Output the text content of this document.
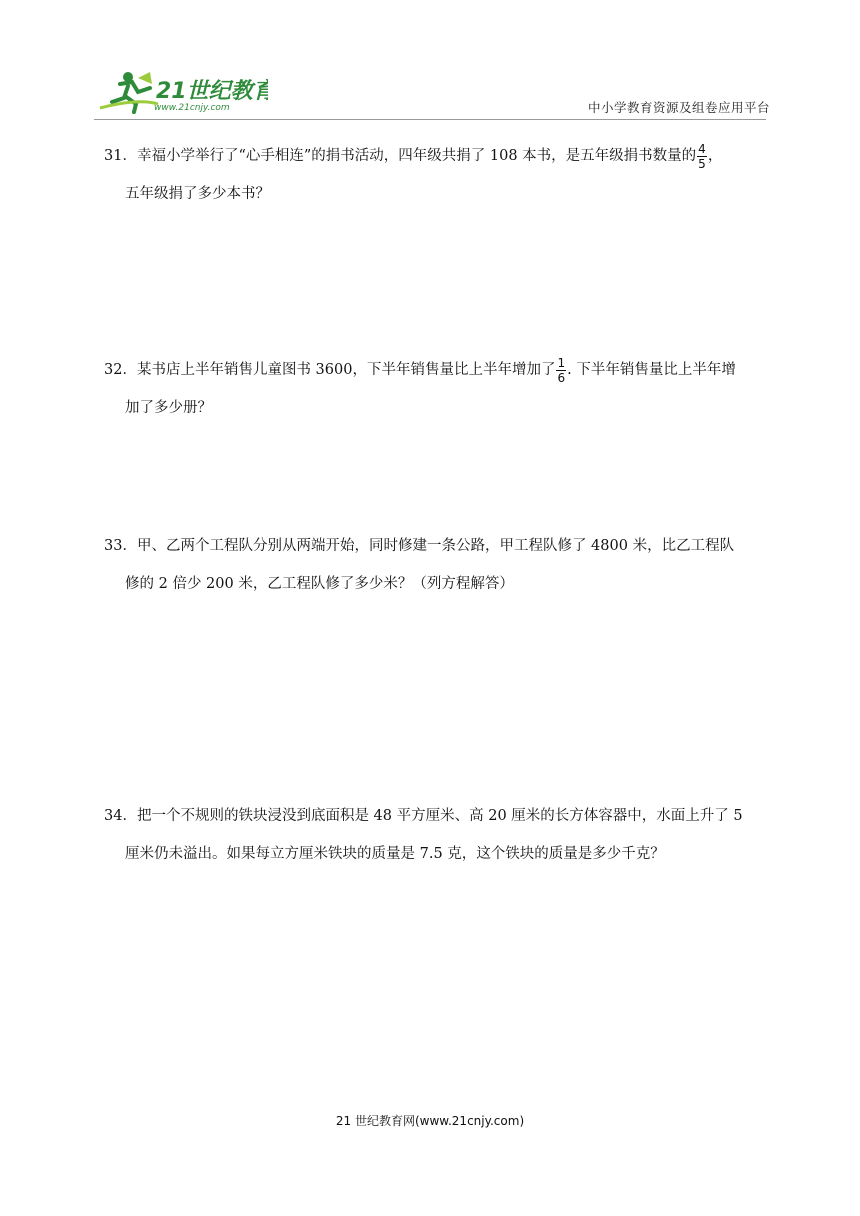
21世纪教育
www.21cnjy.com	中小学教育资源及组卷应用平台
31．幸福小学举行了“心手相连”的捐书活动，四年级共捐了 108 本书，是五年级捐书数量的 $\frac{4}{5}$ ，
五年级捐了多少本书？
32．某书店上半年销售儿童图书 3600，下半年销售量比上半年增加了 $\frac{1}{6}$ . 下半年销售量比上半年增
加了多少册？
33．甲、乙两个工程队分别从两端开始，同时修建一条公路，甲工程队修了 4800 米，比乙工程队
修的 2 倍少 200 米，乙工程队修了多少米？（列方程解答）
34．把一个不规则的铁块浸没到底面积是 48 平方厘米、高 20 厘米的长方体容器中，水面上升了 5
厘米仍未溢出。如果每立方厘米铁块的质量是 7.5 克，这个铁块的质量是多少千克？
21 世纪教育网(www.21cnjy.com)
